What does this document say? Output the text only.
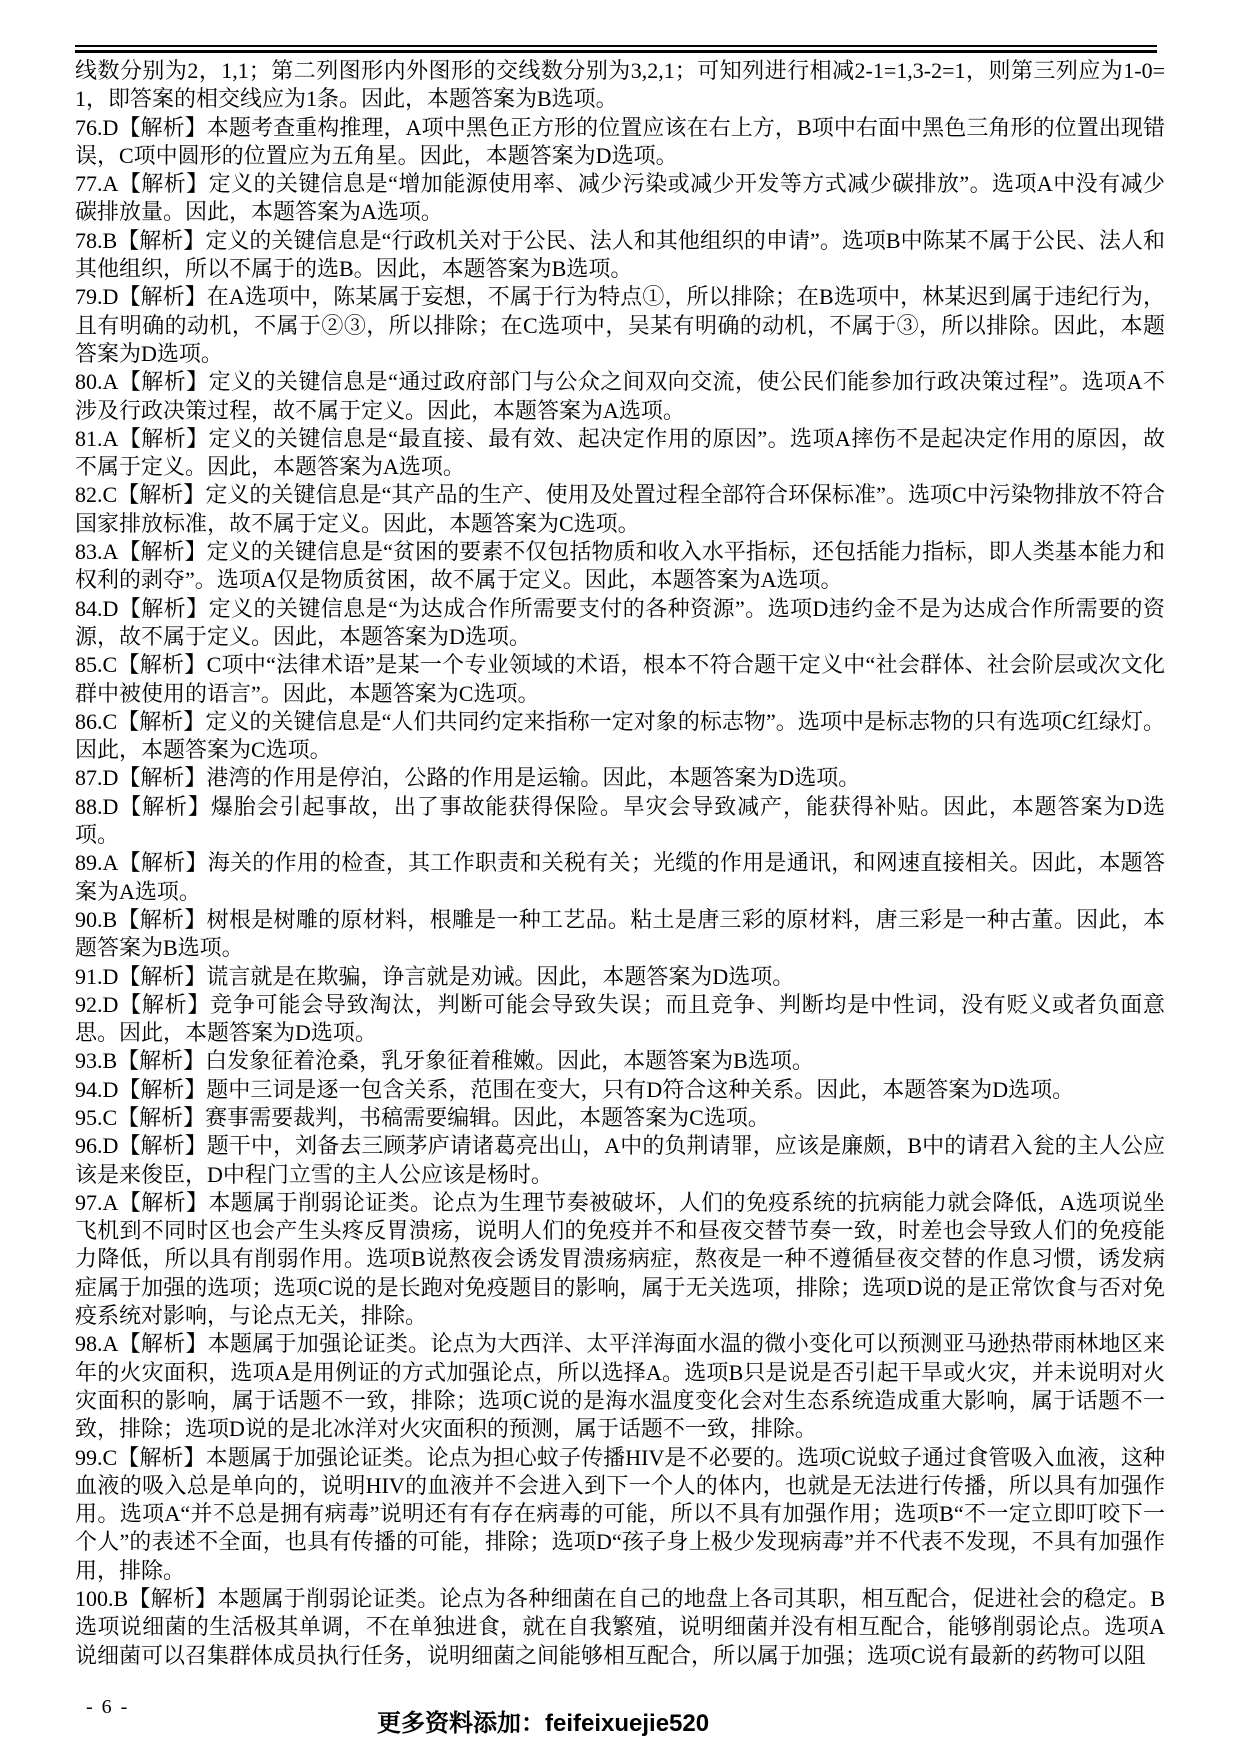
线数分别为2，1,1；第二列图形内外图形的交线数分别为3,2,1；可知列进行相减2-1=1,3-2=1，则第三列应为1-0=1，即答案的相交线应为1条。因此，本题答案为B选项。

76.D【解析】本题考查重构推理，A项中黑色正方形的位置应该在右上方，B项中右面中黑色三角形的位置出现错误，C项中圆形的位置应为五角星。因此，本题答案为D选项。

77.A【解析】定义的关键信息是“增加能源使用率、减少污染或减少开发等方式减少碳排放”。选项A中没有减少碳排放量。因此，本题答案为A选项。

78.B【解析】定义的关键信息是“行政机关对于公民、法人和其他组织的申请”。选项B中陈某不属于公民、法人和其他组织，所以不属于的选B。因此，本题答案为B选项。

79.D【解析】在A选项中，陈某属于妄想，不属于行为特点①，所以排除；在B选项中，林某迟到属于违纪行为，且有明确的动机，不属于②③，所以排除；在C选项中，吴某有明确的动机，不属于③，所以排除。因此，本题答案为D选项。

80.A【解析】定义的关键信息是“通过政府部门与公众之间双向交流，使公民们能参加行政决策过程”。选项A不涉及行政决策过程，故不属于定义。因此，本题答案为A选项。

81.A【解析】定义的关键信息是“最直接、最有效、起决定作用的原因”。选项A摔伤不是起决定作用的原因，故不属于定义。因此，本题答案为A选项。

82.C【解析】定义的关键信息是“其产品的生产、使用及处置过程全部符合环保标准”。选项C中污染物排放不符合国家排放标准，故不属于定义。因此，本题答案为C选项。

83.A【解析】定义的关键信息是“贫困的要素不仅包括物质和收入水平指标，还包括能力指标，即人类基本能力和权利的剥夺”。选项A仅是物质贫困，故不属于定义。因此，本题答案为A选项。

84.D【解析】定义的关键信息是“为达成合作所需要支付的各种资源”。选项D违约金不是为达成合作所需要的资源，故不属于定义。因此，本题答案为D选项。

85.C【解析】C项中“法律术语”是某一个专业领域的术语，根本不符合题干定义中“社会群体、社会阶层或次文化群中被使用的语言”。因此，本题答案为C选项。

86.C【解析】定义的关键信息是“人们共同约定来指称一定对象的标志物”。选项中是标志物的只有选项C红绿灯。因此，本题答案为C选项。

87.D【解析】港湾的作用是停泊，公路的作用是运输。因此，本题答案为D选项。

88.D【解析】爆胎会引起事故，出了事故能获得保险。旱灾会导致减产，能获得补贴。因此，本题答案为D选项。

89.A【解析】海关的作用的检查，其工作职责和关税有关；光缆的作用是通讯，和网速直接相关。因此，本题答案为A选项。

90.B【解析】树根是树雕的原材料，根雕是一种工艺品。粘土是唐三彩的原材料，唐三彩是一种古董。因此，本题答案为B选项。

91.D【解析】谎言就是在欺骗，诤言就是劝诫。因此，本题答案为D选项。

92.D【解析】竞争可能会导致淘汰，判断可能会导致失误；而且竞争、判断均是中性词，没有贬义或者负面意思。因此，本题答案为D选项。

93.B【解析】白发象征着沧桑，乳牙象征着稚嫩。因此，本题答案为B选项。

94.D【解析】题中三词是逐一包含关系，范围在变大，只有D符合这种关系。因此，本题答案为D选项。

95.C【解析】赛事需要裁判，书稿需要编辑。因此，本题答案为C选项。

96.D【解析】题干中，刘备去三顾茅庐请诸葛亮出山，A中的负荆请罪，应该是廉颇，B中的请君入瓮的主人公应该是来俊臣，D中程门立雪的主人公应该是杨时。

97.A【解析】本题属于削弱论证类。论点为生理节奏被破坏，人们的免疫系统的抗病能力就会降低，A选项说坐飞机到不同时区也会产生头疼反胃溃疡，说明人们的免疫并不和昼夜交替节奏一致，时差也会导致人们的免疫能力降低，所以具有削弱作用。选项B说熬夜会诱发胃溃疡病症，熬夜是一种不遵循昼夜交替的作息习惯，诱发病症属于加强的选项；选项C说的是长跑对免疫题目的影响，属于无关选项，排除；选项D说的是正常饮食与否对免疫系统对影响，与论点无关，排除。

98.A【解析】本题属于加强论证类。论点为大西洋、太平洋海面水温的微小变化可以预测亚马逊热带雨林地区来年的火灾面积，选项A是用例证的方式加强论点，所以选择A。选项B只是说是否引起干旱或火灾，并未说明对火灾面积的影响，属于话题不一致，排除；选项C说的是海水温度变化会对生态系统造成重大影响，属于话题不一致，排除；选项D说的是北冰洋对火灾面积的预测，属于话题不一致，排除。

99.C【解析】本题属于加强论证类。论点为担心蚊子传播HIV是不必要的。选项C说蚊子通过食管吸入血液，这种血液的吸入总是单向的，说明HIV的血液并不会进入到下一个人的体内，也就是无法进行传播，所以具有加强作用。选项A“并不总是拥有病毒”说明还有有存在病毒的可能，所以不具有加强作用；选项B“不一定立即叮咬下一个人”的表述不全面，也具有传播的可能，排除；选项D“孩子身上极少发现病毒”并不代表不发现，不具有加强作用，排除。

100.B【解析】本题属于削弱论证类。论点为各种细菌在自己的地盘上各司其职，相互配合，促进社会的稳定。B选项说细菌的生活极其单调，不在单独进食，就在自我繁殖，说明细菌并没有相互配合，能够削弱论点。选项A说细菌可以召集群体成员执行任务，说明细菌之间能够相互配合，所以属于加强；选项C说有最新的药物可以阻

- 6 -
更多资料添加：feifeixuejie520
